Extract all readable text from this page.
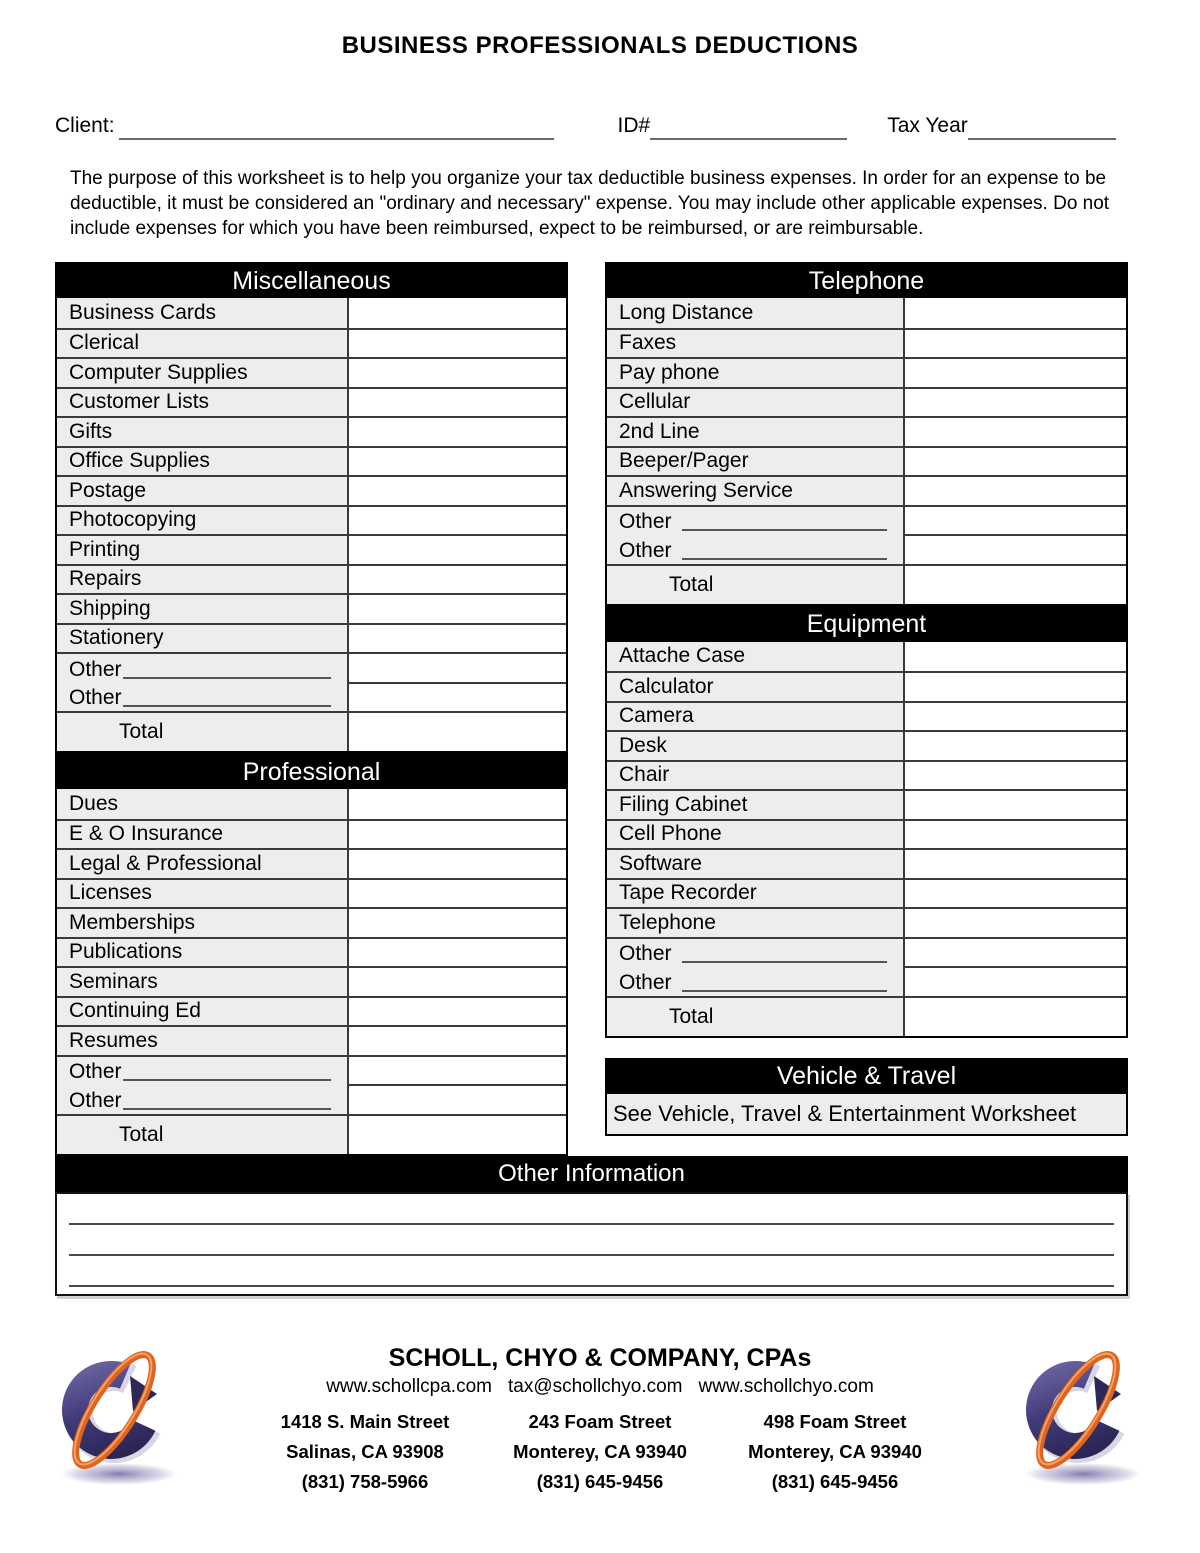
BUSINESS PROFESSIONALS DEDUCTIONS
Client:	ID#	Tax Year
The purpose of this worksheet is to help you organize your tax deductible business expenses. In order for an expense to be deductible, it must be considered an "ordinary and necessary" expense. You may include other applicable expenses. Do not include expenses for which you have been reimbursed, expect to be reimbursed, or are reimbursable.
Miscellaneous
Business Cards
Clerical
Computer Supplies
Customer Lists
Gifts
Office Supplies
Postage
Photocopying
Printing
Repairs
Shipping
Stationery
Other
Other
Total
Professional
Dues
E & O Insurance
Legal & Professional
Licenses
Memberships
Publications
Seminars
Continuing Ed
Resumes
Other
Other
Total
Telephone
Long Distance
Faxes
Pay phone
Cellular
2nd Line
Beeper/Pager
Answering Service
Other
Other
Total
Equipment
Attache Case
Calculator
Camera
Desk
Chair
Filing Cabinet
Cell Phone
Software
Tape Recorder
Telephone
Other
Other
Total
Vehicle & Travel
See Vehicle, Travel & Entertainment Worksheet
Other Information
SCHOLL, CHYO & COMPANY, CPAs
www.schollcpa.com tax@schollchyo.com www.schollchyo.com
1418 S. Main Street
Salinas, CA 93908
(831) 758-5966
243 Foam Street
Monterey, CA 93940
(831) 645-9456
498 Foam Street
Monterey, CA 93940
(831) 645-9456
